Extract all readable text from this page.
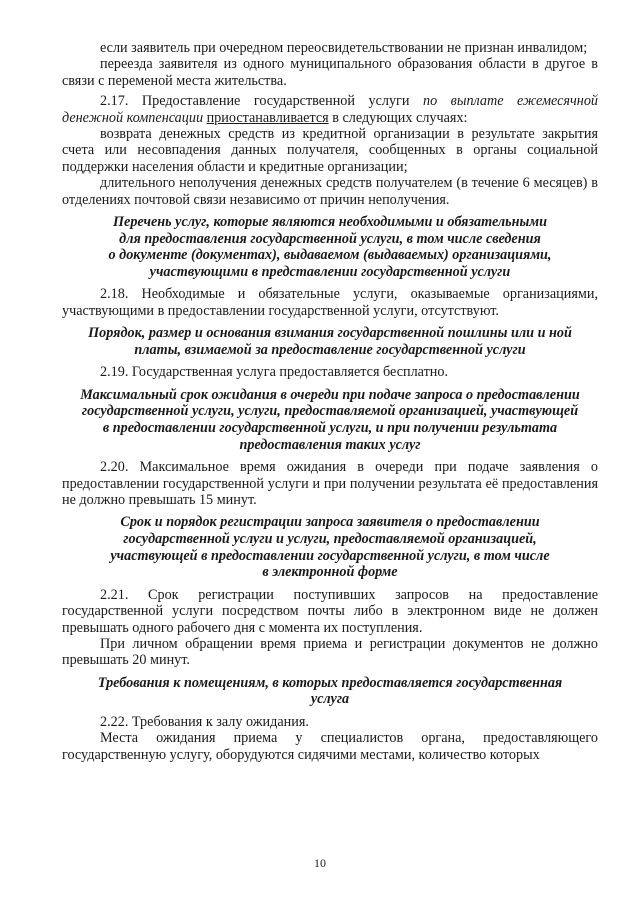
если заявитель при очередном переосвидетельствовании не признан инвалидом;

переезда заявителя из одного муниципального образования области в другое в связи с переменой места жительства.

2.17. Предоставление государственной услуги по выплате ежемесячной денежной компенсации приостанавливается в следующих случаях:

возврата денежных средств из кредитной организации в результате закрытия счета или несовпадения данных получателя, сообщенных в органы социальной поддержки населения области и кредитные организации;

длительного неполучения денежных средств получателем (в течение 6 месяцев) в отделениях почтовой связи независимо от причин неполучения.

Перечень услуг, которые являются необходимыми и обязательными
для предоставления государственной услуги, в том числе сведения
о документе (документах), выдаваемом (выдаваемых) организациями,
участвующими в представлении государственной услуги

2.18. Необходимые и обязательные услуги, оказываемые организациями, участвующими в предоставлении государственной услуги, отсутствуют.

Порядок, размер и основания взимания государственной пошлины или и ной
платы, взимаемой за предоставление государственной услуги

2.19. Государственная услуга предоставляется бесплатно.

Максимальный срок ожидания в очереди при подаче запроса о предоставлении
государственной услуги, услуги, предоставляемой организацией, участвующей
в предоставлении государственной услуги, и при получении результата
предоставления таких услуг

2.20. Максимальное время ожидания в очереди при подаче заявления о предоставлении государственной услуги и при получении результата её предоставления не должно превышать 15 минут.

Срок и порядок регистрации запроса заявителя о предоставлении
государственной услуги и услуги, предоставляемой организацией,
участвующей в предоставлении государственной услуги, в том числе
в электронной форме

2.21. Срок регистрации поступивших запросов на предоставление государственной услуги посредством почты либо в электронном виде не должен превышать одного рабочего дня с момента их поступления.

При личном обращении время приема и регистрации документов не должно превышать 20 минут.

Требования к помещениям, в которых предоставляется государственная
услуга

2.22. Требования к залу ожидания.

Места ожидания приема у специалистов органа, предоставляющего государственную услугу, оборудуются сидячими местами, количество которых

10
